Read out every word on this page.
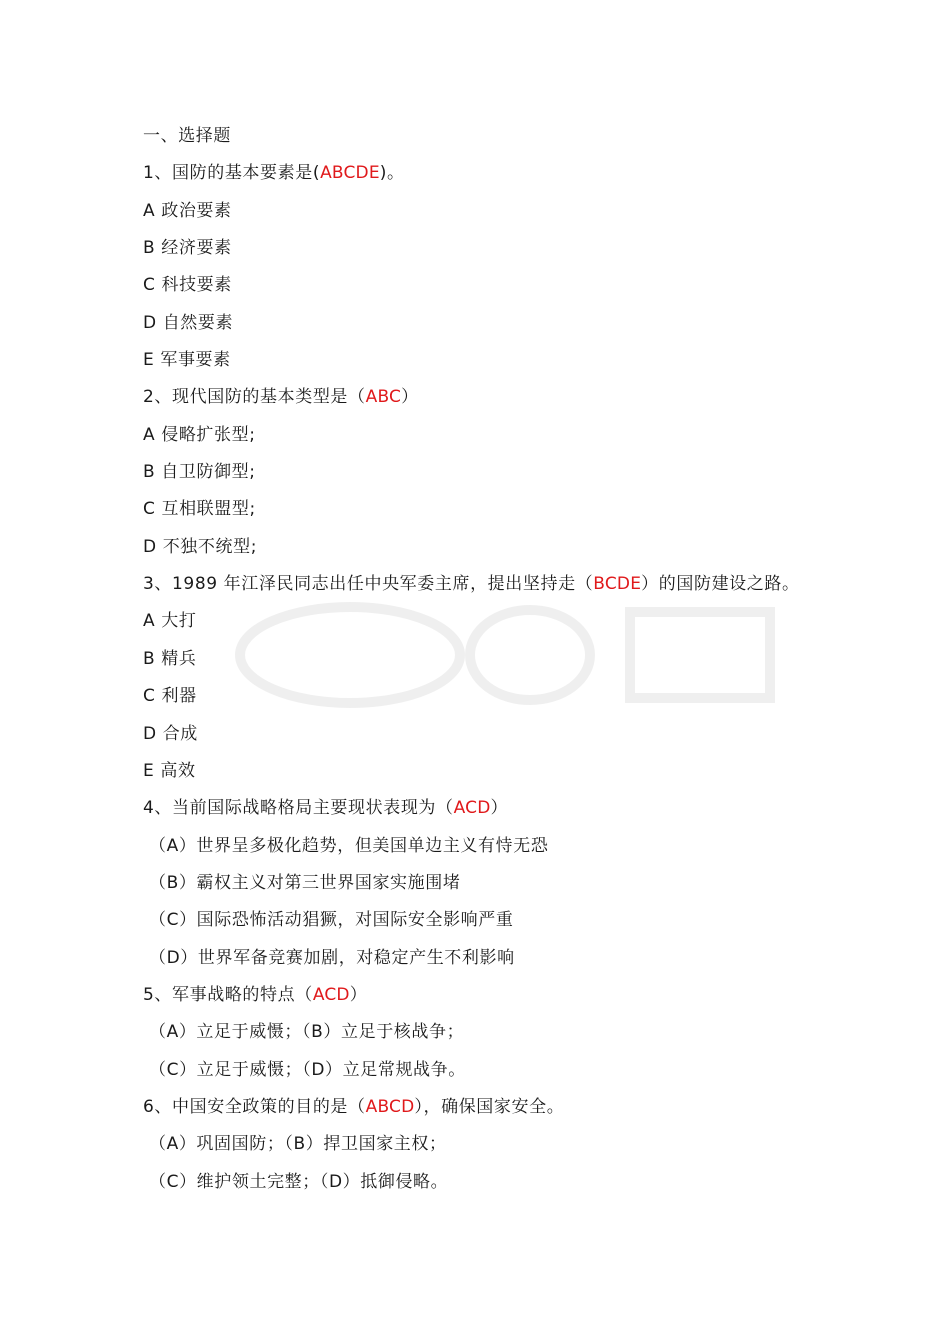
一、选择题
1、国防的基本要素是(ABCDE)。
A 政治要素
B 经济要素
C 科技要素
D 自然要素
E 军事要素
2、现代国防的基本类型是（ABC）
A 侵略扩张型;
B 自卫防御型;
C 互相联盟型;
D 不独不统型;
3、1989 年江泽民同志出任中央军委主席，提出坚持走（BCDE）的国防建设之路。
A 大打
B 精兵
C 利器
D 合成
E 高效
4、当前国际战略格局主要现状表现为（ACD）
（A）世界呈多极化趋势，但美国单边主义有恃无恐
（B）霸权主义对第三世界国家实施围堵
（C）国际恐怖活动猖獗，对国际安全影响严重
（D）世界军备竞赛加剧，对稳定产生不利影响
5、军事战略的特点（ACD）
（A）立足于威慑；（B）立足于核战争；
（C）立足于威慑；（D）立足常规战争。
6、中国安全政策的目的是（ABCD），确保国家安全。
（A）巩固国防；（B）捍卫国家主权；
（C）维护领土完整；（D）抵御侵略。
